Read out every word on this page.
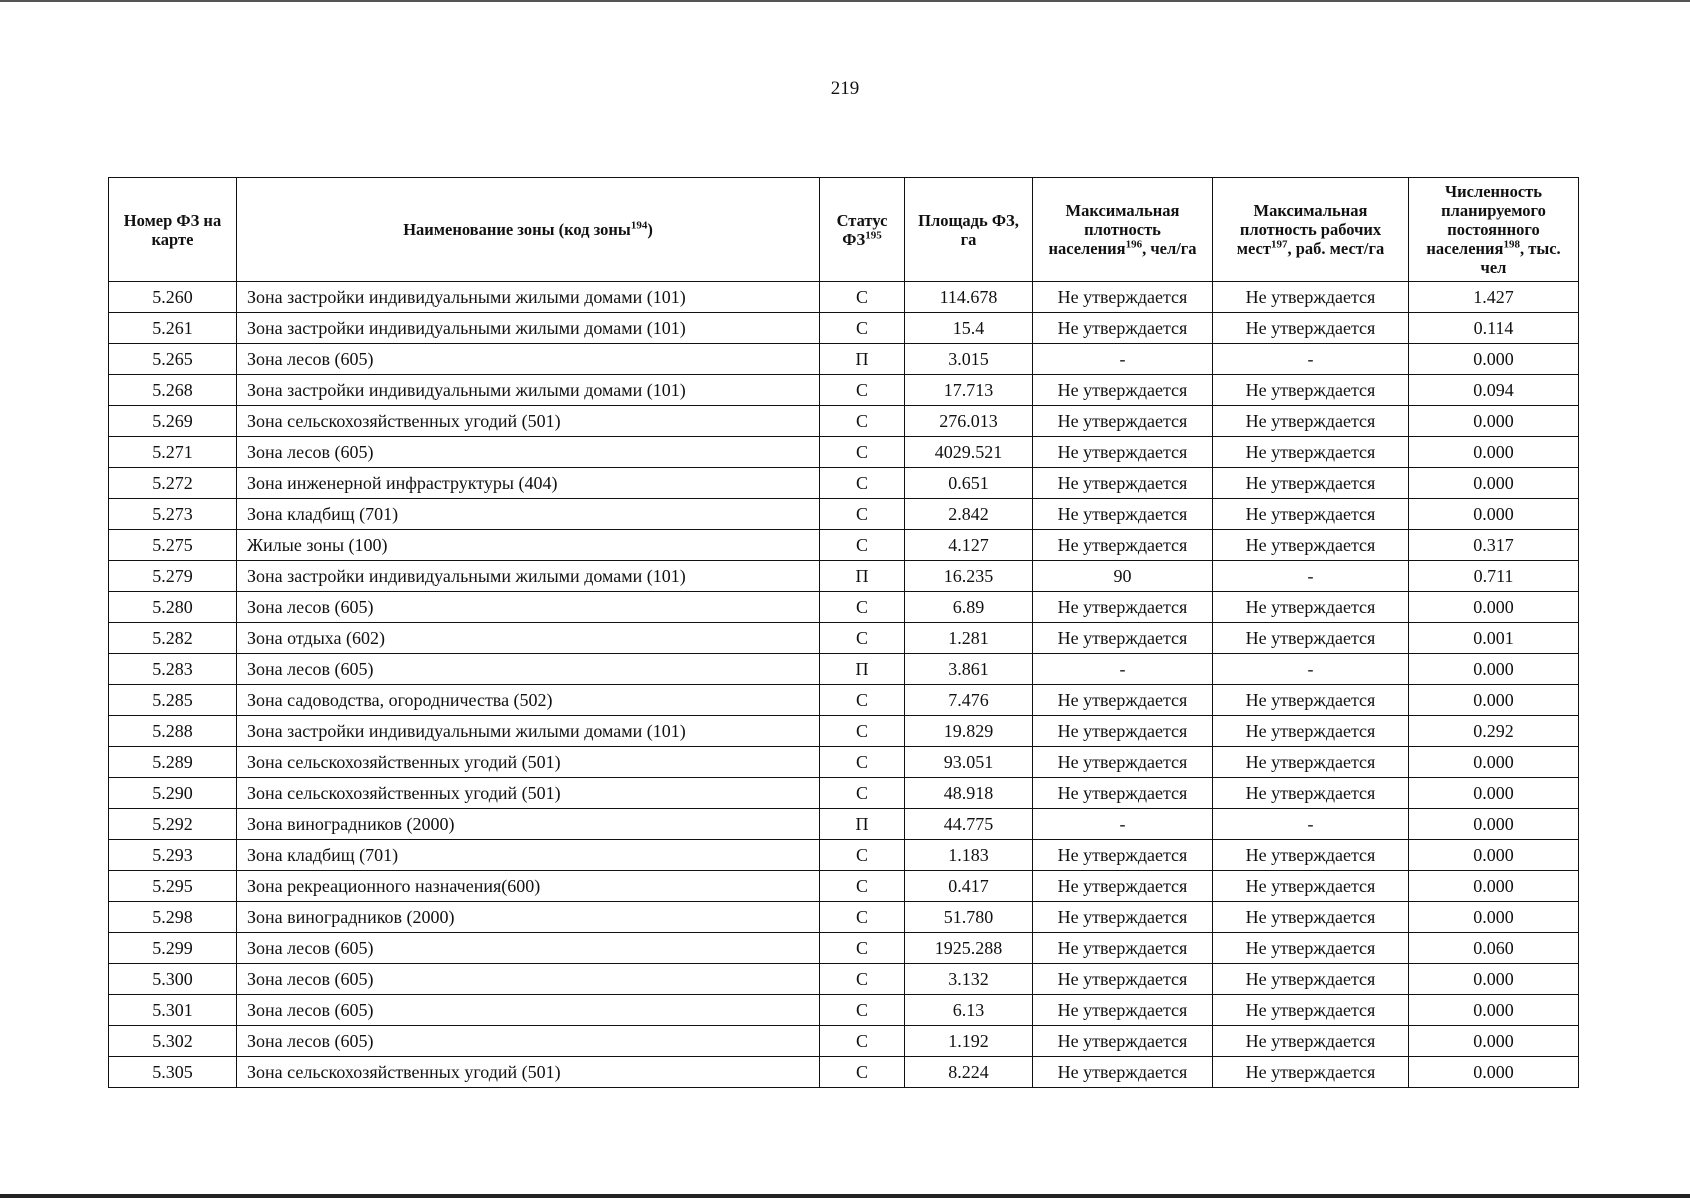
219
Номер ФЗ на карте	Наименование зоны (код зоны$^{194}$)	Статус ФЗ$^{195}$	Площадь ФЗ, га	Максимальная плотность населения$^{196}$, чел/га	Максимальная плотность рабочих мест$^{197}$, раб. мест/га	Численность планируемого постоянного населения$^{198}$, тыс. чел
5.260	Зона застройки индивидуальными жилыми домами (101)	С	114.678	Не утверждается	Не утверждается	1.427
5.261	Зона застройки индивидуальными жилыми домами (101)	С	15.4	Не утверждается	Не утверждается	0.114
5.265	Зона лесов (605)	П	3.015	-	-	0.000
5.268	Зона застройки индивидуальными жилыми домами (101)	С	17.713	Не утверждается	Не утверждается	0.094
5.269	Зона сельскохозяйственных угодий (501)	С	276.013	Не утверждается	Не утверждается	0.000
5.271	Зона лесов (605)	С	4029.521	Не утверждается	Не утверждается	0.000
5.272	Зона инженерной инфраструктуры (404)	С	0.651	Не утверждается	Не утверждается	0.000
5.273	Зона кладбищ (701)	С	2.842	Не утверждается	Не утверждается	0.000
5.275	Жилые зоны (100)	С	4.127	Не утверждается	Не утверждается	0.317
5.279	Зона застройки индивидуальными жилыми домами (101)	П	16.235	90	-	0.711
5.280	Зона лесов (605)	С	6.89	Не утверждается	Не утверждается	0.000
5.282	Зона отдыха (602)	С	1.281	Не утверждается	Не утверждается	0.001
5.283	Зона лесов (605)	П	3.861	-	-	0.000
5.285	Зона садоводства, огородничества (502)	С	7.476	Не утверждается	Не утверждается	0.000
5.288	Зона застройки индивидуальными жилыми домами (101)	С	19.829	Не утверждается	Не утверждается	0.292
5.289	Зона сельскохозяйственных угодий (501)	С	93.051	Не утверждается	Не утверждается	0.000
5.290	Зона сельскохозяйственных угодий (501)	С	48.918	Не утверждается	Не утверждается	0.000
5.292	Зона виноградников (2000)	П	44.775	-	-	0.000
5.293	Зона кладбищ (701)	С	1.183	Не утверждается	Не утверждается	0.000
5.295	Зона рекреационного назначения(600)	С	0.417	Не утверждается	Не утверждается	0.000
5.298	Зона виноградников (2000)	С	51.780	Не утверждается	Не утверждается	0.000
5.299	Зона лесов (605)	С	1925.288	Не утверждается	Не утверждается	0.060
5.300	Зона лесов (605)	С	3.132	Не утверждается	Не утверждается	0.000
5.301	Зона лесов (605)	С	6.13	Не утверждается	Не утверждается	0.000
5.302	Зона лесов (605)	С	1.192	Не утверждается	Не утверждается	0.000
5.305	Зона сельскохозяйственных угодий (501)	С	8.224	Не утверждается	Не утверждается	0.000
